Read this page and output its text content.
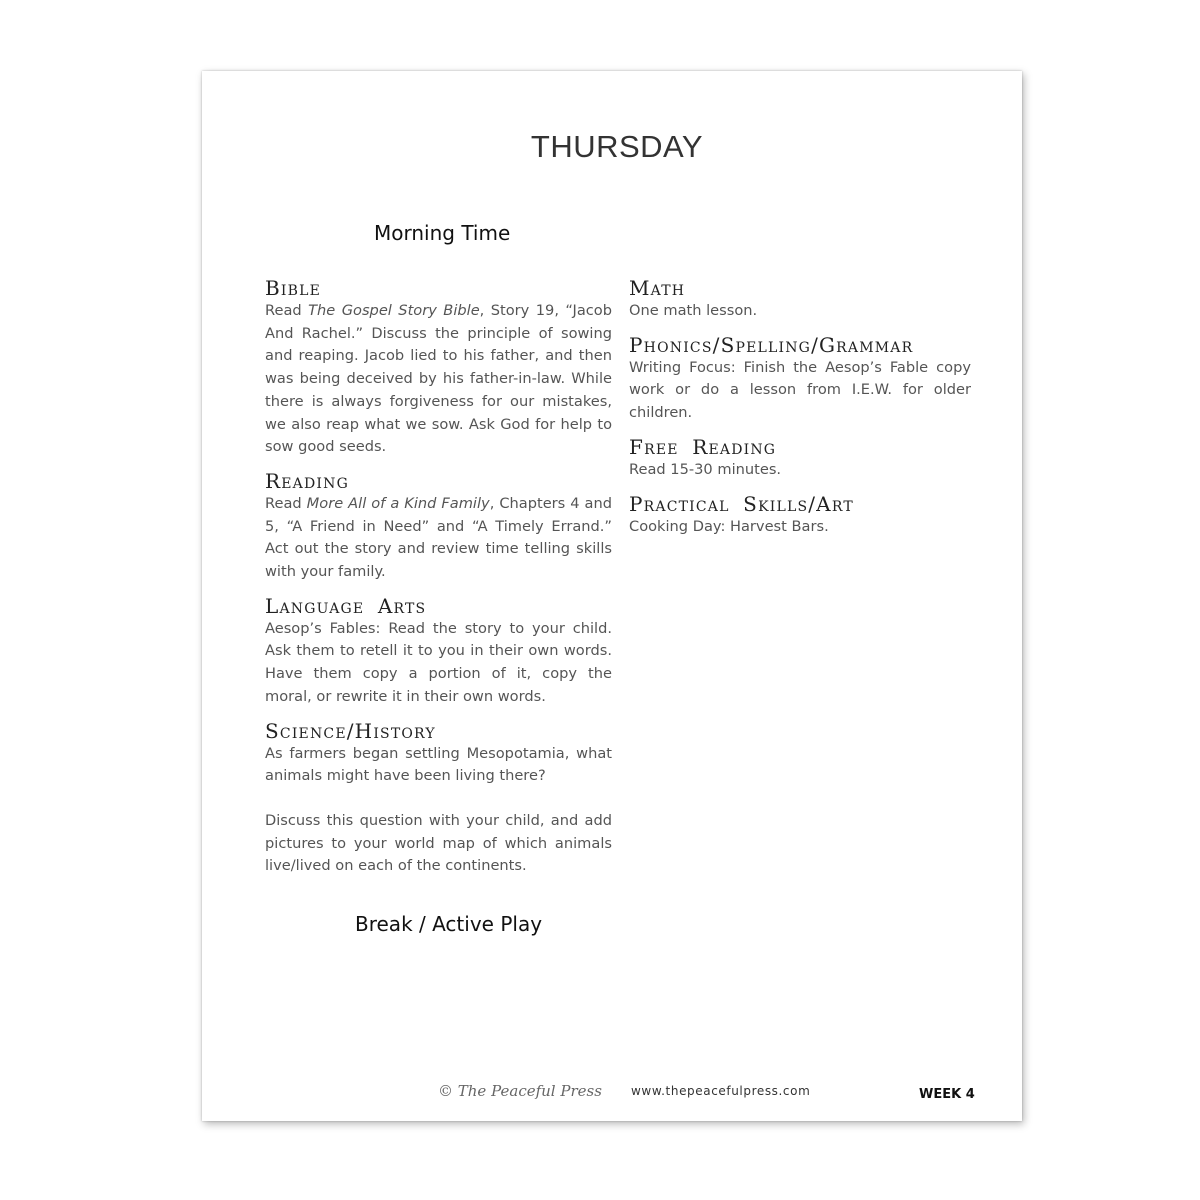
THURSDAY
Morning Time

Bible

Read The Gospel Story Bible, Story 19, “Jacob And Rachel.” Discuss the principle of sowing and reaping. Jacob lied to his father, and then was being deceived by his father-in-law. While there is always forgiveness for our mistakes, we also reap what we sow. Ask God for help to sow good seeds.

Reading

Read More All of a Kind Family, Chapters 4 and 5, “A Friend in Need” and “A Timely Errand.” Act out the story and review time telling skills with your family.

Language Arts

Aesop’s Fables: Read the story to your child. Ask them to retell it to you in their own words. Have them copy a portion of it, copy the moral, or rewrite it in their own words.

Science/History

As farmers began settling Mesopotamia, what animals might have been living there?

Discuss this question with your child, and add pictures to your world map of which animals live/lived on each of the continents.

Math

One math lesson.

Phonics/Spelling/Grammar

Writing Focus: Finish the Aesop’s Fable copy work or do a lesson from I.E.W. for older children.

Free Reading

Read 15-30 minutes.

Practical Skills/Art

Cooking Day: Harvest Bars.

Break / Active Play
© The Peaceful Press www.thepeacefulpress.com	WEEK 4
